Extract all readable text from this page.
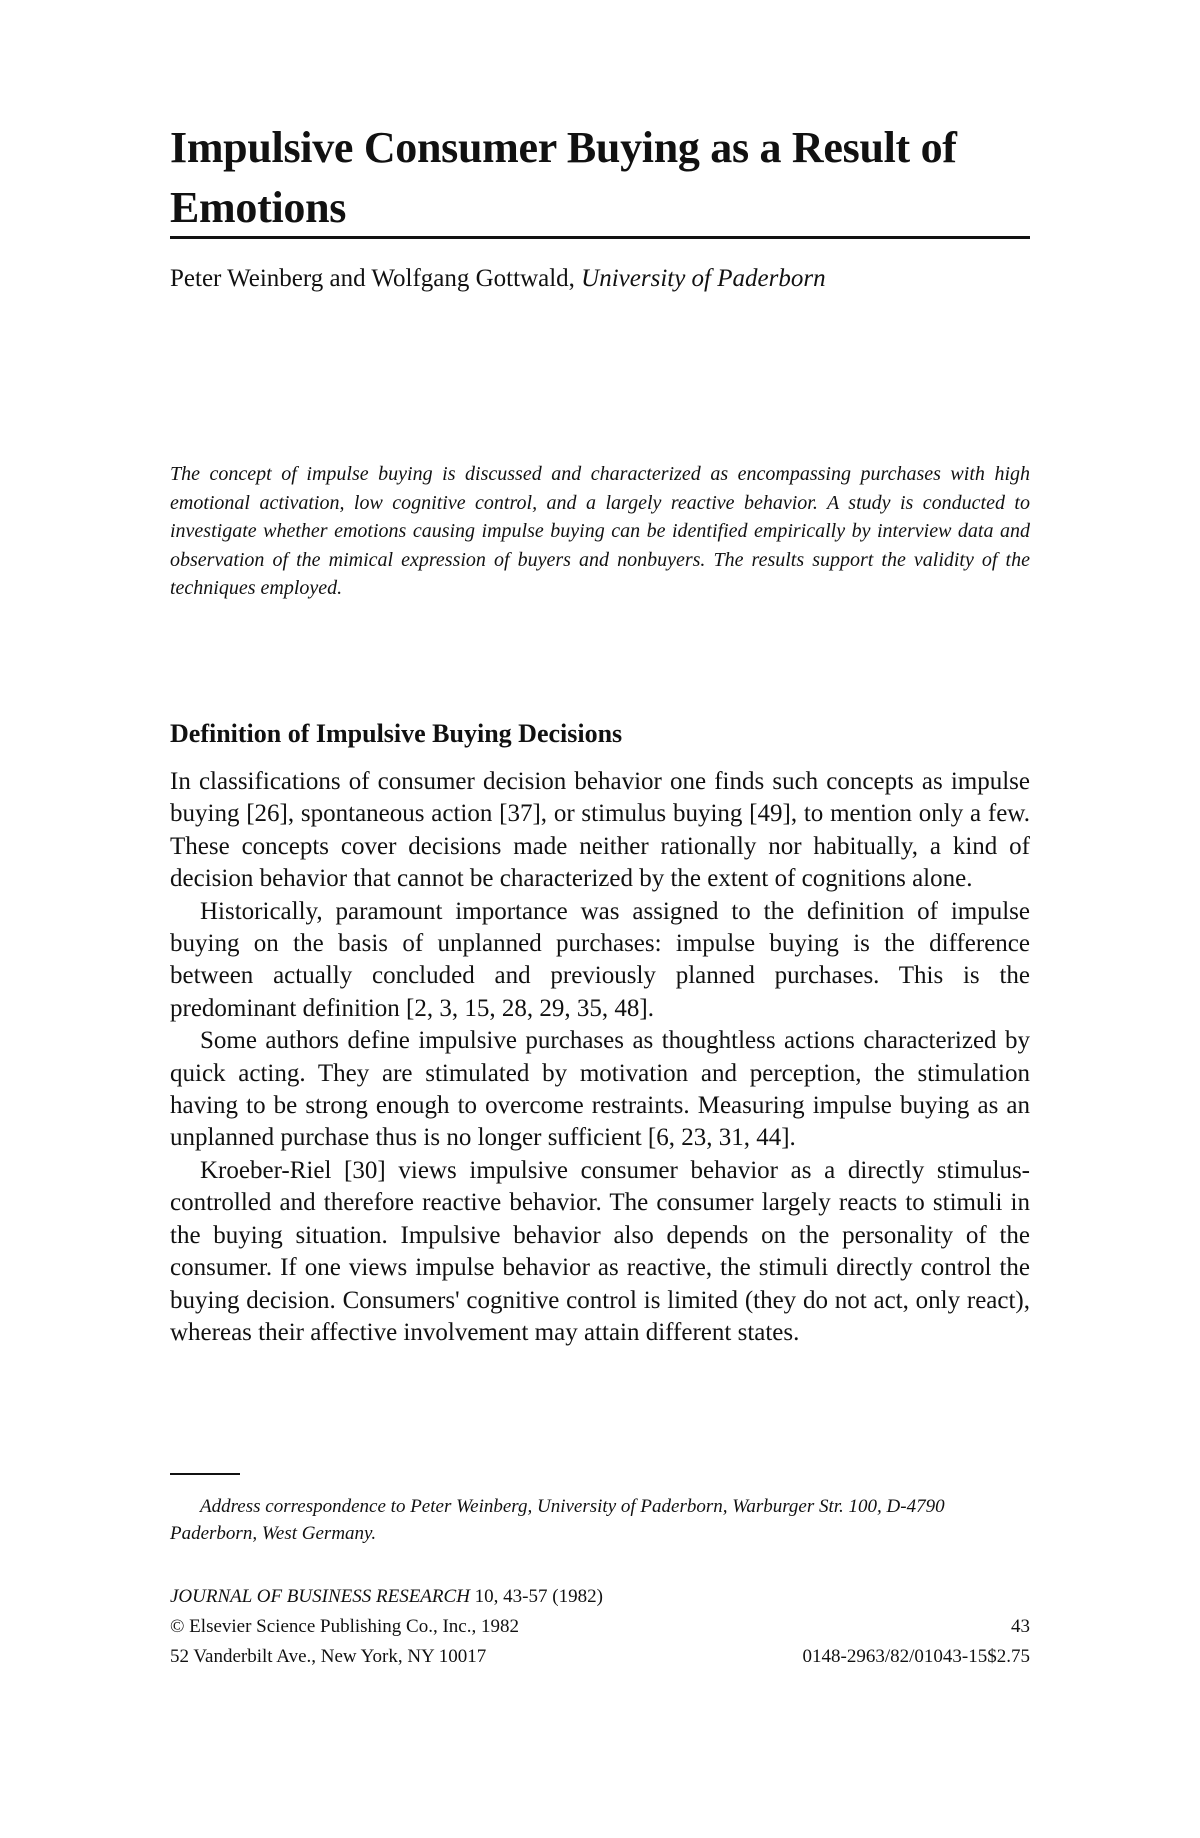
Impulsive Consumer Buying as a Result of Emotions
Peter Weinberg and Wolfgang Gottwald, University of Paderborn
The concept of impulse buying is discussed and characterized as encompassing purchases with high emotional activation, low cognitive control, and a largely reactive behavior. A study is conducted to investigate whether emotions causing impulse buying can be identified empirically by interview data and observation of the mimical expression of buyers and nonbuyers. The results support the validity of the techniques employed.
Definition of Impulsive Buying Decisions

In classifications of consumer decision behavior one finds such concepts as impulse buying [26], spontaneous action [37], or stimulus buying [49], to mention only a few. These concepts cover decisions made neither rationally nor habitually, a kind of decision behavior that cannot be characterized by the extent of cognitions alone.

Historically, paramount importance was assigned to the definition of impulse buying on the basis of unplanned purchases: impulse buying is the difference between actually concluded and previously planned purchases. This is the predominant definition [2, 3, 15, 28, 29, 35, 48].

Some authors define impulsive purchases as thoughtless actions characterized by quick acting. They are stimulated by motivation and perception, the stimulation having to be strong enough to overcome restraints. Measuring impulse buying as an unplanned purchase thus is no longer sufficient [6, 23, 31, 44].

Kroeber-Riel [30] views impulsive consumer behavior as a directly stimulus-controlled and therefore reactive behavior. The consumer largely reacts to stimuli in the buying situation. Impulsive behavior also depends on the personality of the consumer. If one views impulse behavior as reactive, the stimuli directly control the buying decision. Consumers' cognitive control is limited (they do not act, only react), whereas their affective involvement may attain different states.

Address correspondence to Peter Weinberg, University of Paderborn, Warburger Str. 100, D-4790 Paderborn, West Germany.
JOURNAL OF BUSINESS RESEARCH 10, 43-57 (1982)
© Elsevier Science Publishing Co., Inc., 1982	43
52 Vanderbilt Ave., New York, NY 10017	0148-2963/82/01043-15$2.75
